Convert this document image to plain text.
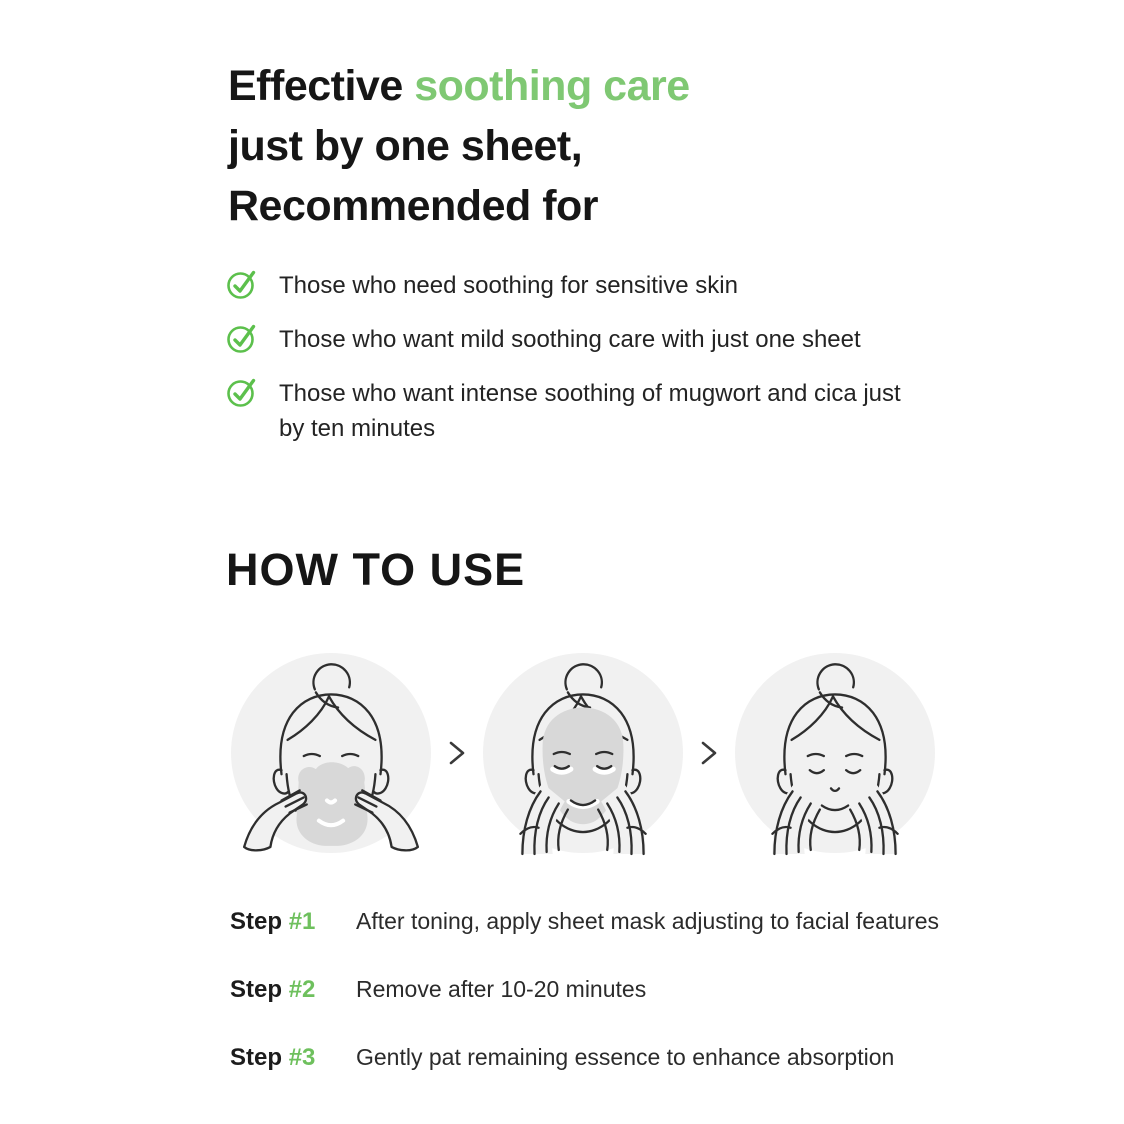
Effective soothing care
just by one sheet,
Recommended for
Those who need soothing for sensitive skin
Those who want mild soothing care with just one sheet
Those who want intense soothing of mugwort and cica just by ten minutes
HOW TO USE
Step #1	After toning, apply sheet mask adjusting to facial features
Step #2	Remove after 10-20 minutes
Step #3	Gently pat remaining essence to enhance absorption
